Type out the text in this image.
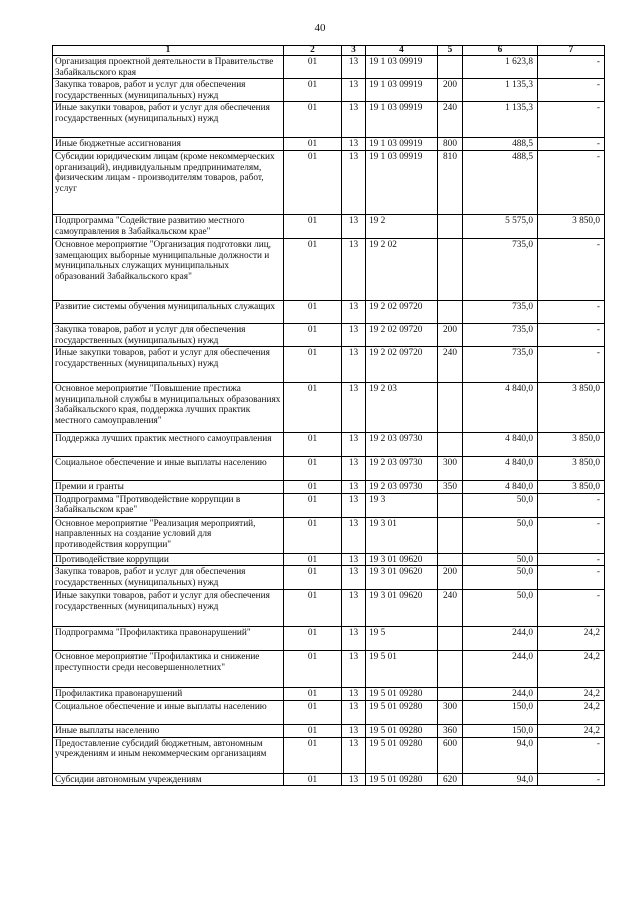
40
1	2	3	4	5	6	7
Организация проектной деятельности в Правительстве Забайкальского края	01	13	19 1 03 09919		1 623,8	-
Закупка товаров, работ и услуг для обеспечения государственных (муниципальных) нужд	01	13	19 1 03 09919	200	1 135,3	-
Иные закупки товаров, работ и услуг для обеспечения государственных (муниципальных) нужд	01	13	19 1 03 09919	240	1 135,3	-
Иные бюджетные ассигнования	01	13	19 1 03 09919	800	488,5	-
Субсидии юридическим лицам (кроме некоммерческих организаций), индивидуальным предпринимателям, физическим лицам - производителям товаров, работ, услуг	01	13	19 1 03 09919	810	488,5	-
Подпрограмма "Содействие развитию местного самоуправления в Забайкальском крае"	01	13	19 2		5 575,0	3 850,0
Основное мероприятие "Организация подготовки лиц, замещающих выборные муниципальные должности и муниципальных служащих муниципальных образований Забайкальского края"	01	13	19 2 02		735,0	-
Развитие системы обучения муниципальных служащих	01	13	19 2 02 09720		735,0	-
Закупка товаров, работ и услуг для обеспечения государственных (муниципальных) нужд	01	13	19 2 02 09720	200	735,0	-
Иные закупки товаров, работ и услуг для обеспечения государственных (муниципальных) нужд	01	13	19 2 02 09720	240	735,0	-
Основное мероприятие "Повышение престижа муниципальной службы в муниципальных образованиях Забайкальского края, поддержка лучших практик местного самоуправления"	01	13	19 2 03		4 840,0	3 850,0
Поддержка лучших практик местного самоуправления	01	13	19 2 03 09730		4 840,0	3 850,0
Социальное обеспечение и иные выплаты населению	01	13	19 2 03 09730	300	4 840,0	3 850,0
Премии и гранты	01	13	19 2 03 09730	350	4 840,0	3 850,0
Подпрограмма "Противодействие коррупции в Забайкальском крае"	01	13	19 3		50,0	-
Основное мероприятие "Реализация мероприятий, направленных на создание условий для противодействия коррупции"	01	13	19 3 01		50,0	-
Противодействие коррупции	01	13	19 3 01 09620		50,0	-
Закупка товаров, работ и услуг для обеспечения государственных (муниципальных) нужд	01	13	19 3 01 09620	200	50,0	-
Иные закупки товаров, работ и услуг для обеспечения государственных (муниципальных) нужд	01	13	19 3 01 09620	240	50,0	-
Подпрограмма "Профилактика правонарушений"	01	13	19 5		244,0	24,2
Основное мероприятие "Профилактика и снижение преступности среди несовершеннолетних"	01	13	19 5 01		244,0	24,2
Профилактика правонарушений	01	13	19 5 01 09280		244,0	24,2
Социальное обеспечение и иные выплаты населению	01	13	19 5 01 09280	300	150,0	24,2
Иные выплаты населению	01	13	19 5 01 09280	360	150,0	24,2
Предоставление субсидий бюджетным, автономным учреждениям и иным некоммерческим организациям	01	13	19 5 01 09280	600	94,0	-
Субсидии автономным учреждениям	01	13	19 5 01 09280	620	94,0	-
